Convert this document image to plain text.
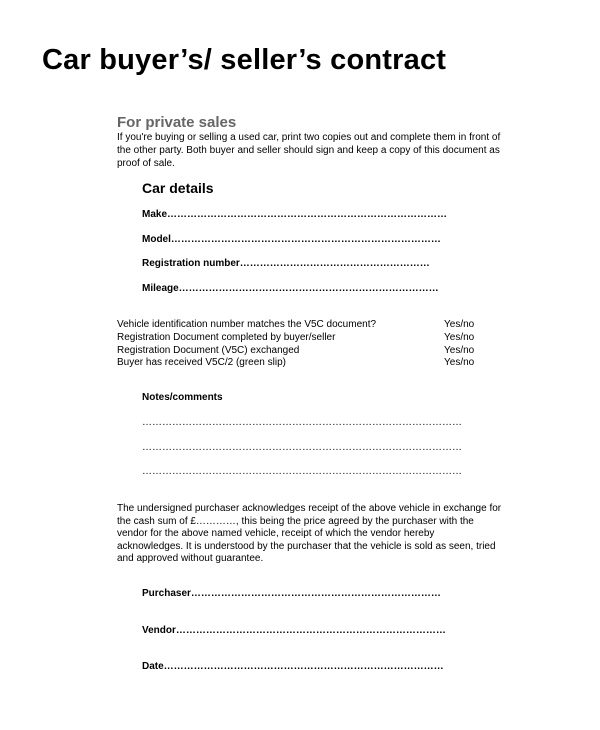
Car buyer’s/ seller’s contract
For private sales
If you're buying or selling a used car, print two copies out and complete them in front of the other party. Both buyer and seller should sign and keep a copy of this document as proof of sale.
Car details
Make…………………………………………………………………………
Model………………………………………………………………………
Registration number…………………………………………………
Mileage……………………………………………………………………
Vehicle identification number matches the V5C document?	Yes/no
Registration Document completed by buyer/seller	Yes/no
Registration Document (V5C) exchanged	Yes/no
Buyer has received V5C/2 (green slip)	Yes/no
Notes/comments
……………………………………………………………………………………
……………………………………………………………………………………
……………………………………………………………………………………
The undersigned purchaser acknowledges receipt of the above vehicle in exchange for the cash sum of £…………, this being the price agreed by the purchaser with the vendor for the above named vehicle, receipt of which the vendor hereby acknowledges. It is understood by the purchaser that the vehicle is sold as seen, tried and approved without guarantee.
Purchaser…………………………………………………………………
Vendor………………………………………………………………………
Date…………………………………………………………………………
